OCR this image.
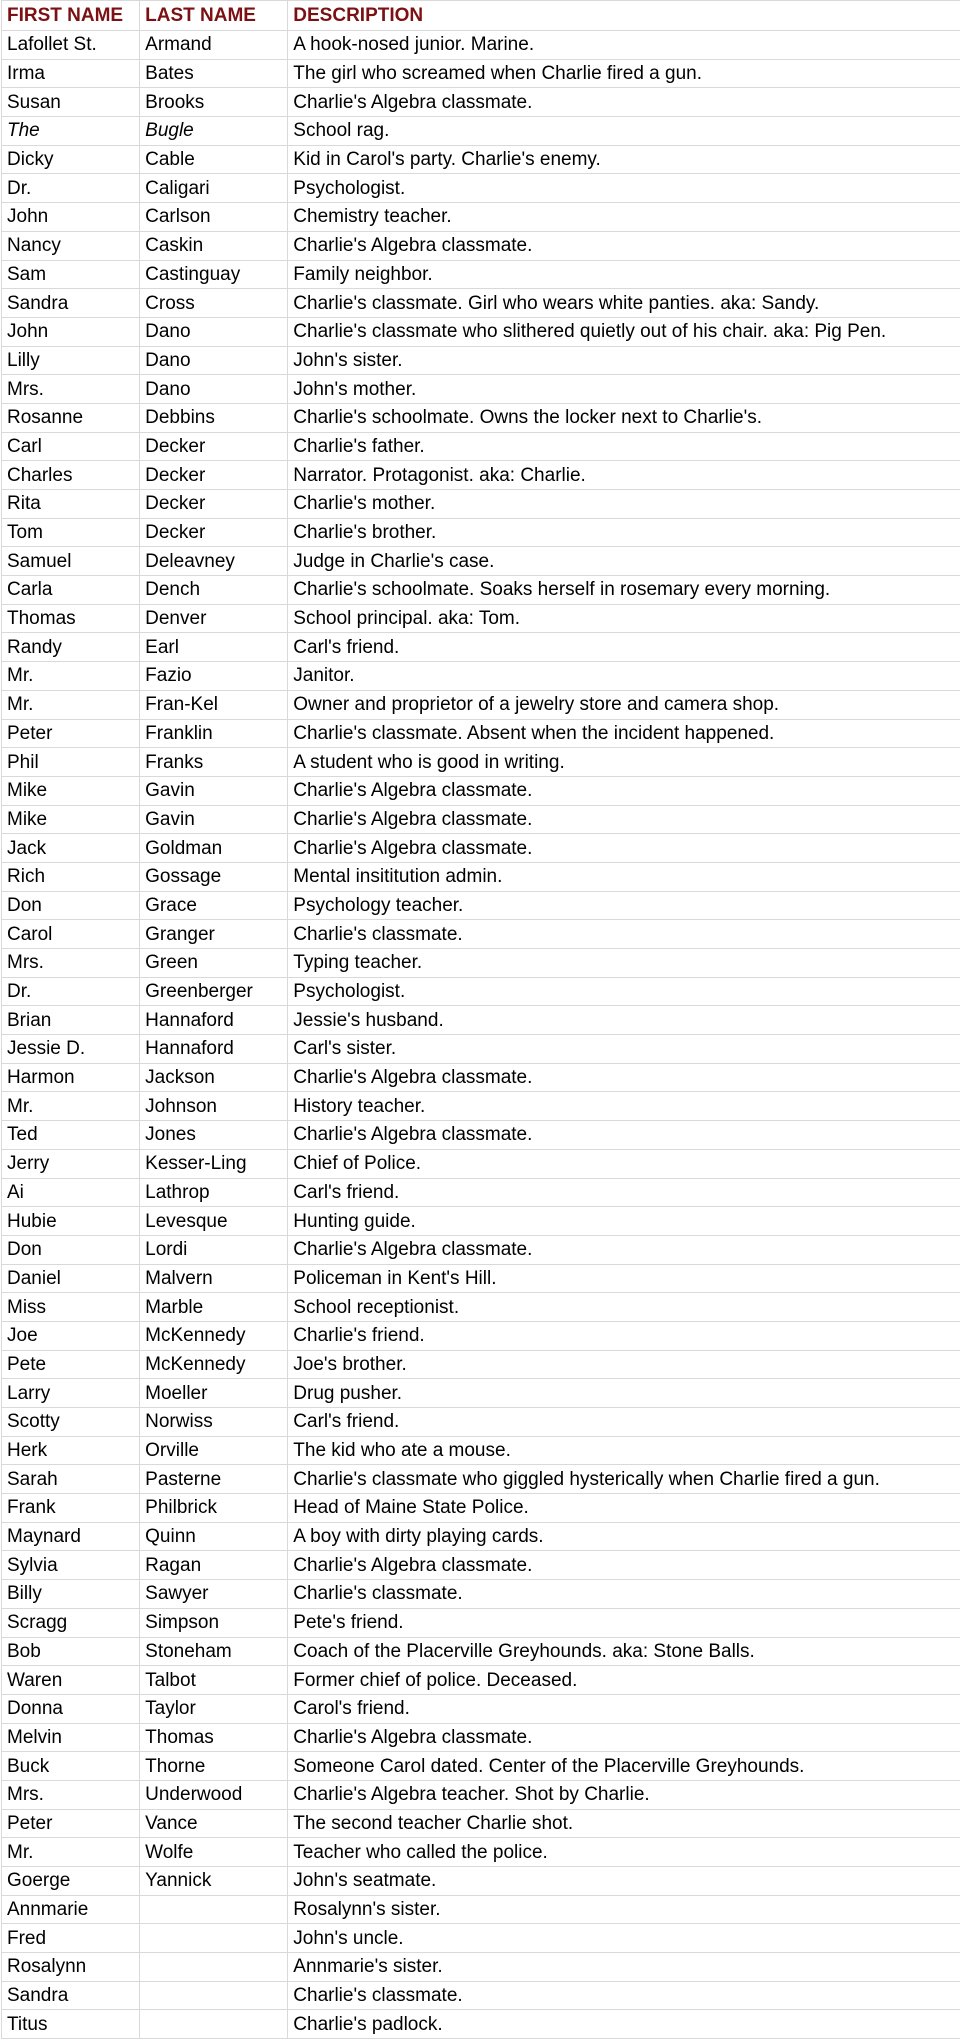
FIRST NAME	LAST NAME	DESCRIPTION
Lafollet St.	Armand	A hook-nosed junior. Marine.
Irma	Bates	The girl who screamed when Charlie fired a gun.
Susan	Brooks	Charlie's Algebra classmate.
The	Bugle	School rag.
Dicky	Cable	Kid in Carol's party. Charlie's enemy.
Dr.	Caligari	Psychologist.
John	Carlson	Chemistry teacher.
Nancy	Caskin	Charlie's Algebra classmate.
Sam	Castinguay	Family neighbor.
Sandra	Cross	Charlie's classmate. Girl who wears white panties. aka: Sandy.
John	Dano	Charlie's classmate who slithered quietly out of his chair. aka: Pig Pen.
Lilly	Dano	John's sister.
Mrs.	Dano	John's mother.
Rosanne	Debbins	Charlie's schoolmate. Owns the locker next to Charlie's.
Carl	Decker	Charlie's father.
Charles	Decker	Narrator. Protagonist. aka: Charlie.
Rita	Decker	Charlie's mother.
Tom	Decker	Charlie's brother.
Samuel	Deleavney	Judge in Charlie's case.
Carla	Dench	Charlie's schoolmate. Soaks herself in rosemary every morning.
Thomas	Denver	School principal. aka: Tom.
Randy	Earl	Carl's friend.
Mr.	Fazio	Janitor.
Mr.	Fran-Kel	Owner and proprietor of a jewelry store and camera shop.
Peter	Franklin	Charlie's classmate. Absent when the incident happened.
Phil	Franks	A student who is good in writing.
Mike	Gavin	Charlie's Algebra classmate.
Mike	Gavin	Charlie's Algebra classmate.
Jack	Goldman	Charlie's Algebra classmate.
Rich	Gossage	Mental insititution admin.
Don	Grace	Psychology teacher.
Carol	Granger	Charlie's classmate.
Mrs.	Green	Typing teacher.
Dr.	Greenberger	Psychologist.
Brian	Hannaford	Jessie's husband.
Jessie D.	Hannaford	Carl's sister.
Harmon	Jackson	Charlie's Algebra classmate.
Mr.	Johnson	History teacher.
Ted	Jones	Charlie's Algebra classmate.
Jerry	Kesser-Ling	Chief of Police.
Ai	Lathrop	Carl's friend.
Hubie	Levesque	Hunting guide.
Don	Lordi	Charlie's Algebra classmate.
Daniel	Malvern	Policeman in Kent's Hill.
Miss	Marble	School receptionist.
Joe	McKennedy	Charlie's friend.
Pete	McKennedy	Joe's brother.
Larry	Moeller	Drug pusher.
Scotty	Norwiss	Carl's friend.
Herk	Orville	The kid who ate a mouse.
Sarah	Pasterne	Charlie's classmate who giggled hysterically when Charlie fired a gun.
Frank	Philbrick	Head of Maine State Police.
Maynard	Quinn	A boy with dirty playing cards.
Sylvia	Ragan	Charlie's Algebra classmate.
Billy	Sawyer	Charlie's classmate.
Scragg	Simpson	Pete's friend.
Bob	Stoneham	Coach of the Placerville Greyhounds. aka: Stone Balls.
Waren	Talbot	Former chief of police. Deceased.
Donna	Taylor	Carol's friend.
Melvin	Thomas	Charlie's Algebra classmate.
Buck	Thorne	Someone Carol dated. Center of the Placerville Greyhounds.
Mrs.	Underwood	Charlie's Algebra teacher. Shot by Charlie.
Peter	Vance	The second teacher Charlie shot.
Mr.	Wolfe	Teacher who called the police.
Goerge	Yannick	John's seatmate.
Annmarie		Rosalynn's sister.
Fred		John's uncle.
Rosalynn		Annmarie's sister.
Sandra		Charlie's classmate.
Titus		Charlie's padlock.
